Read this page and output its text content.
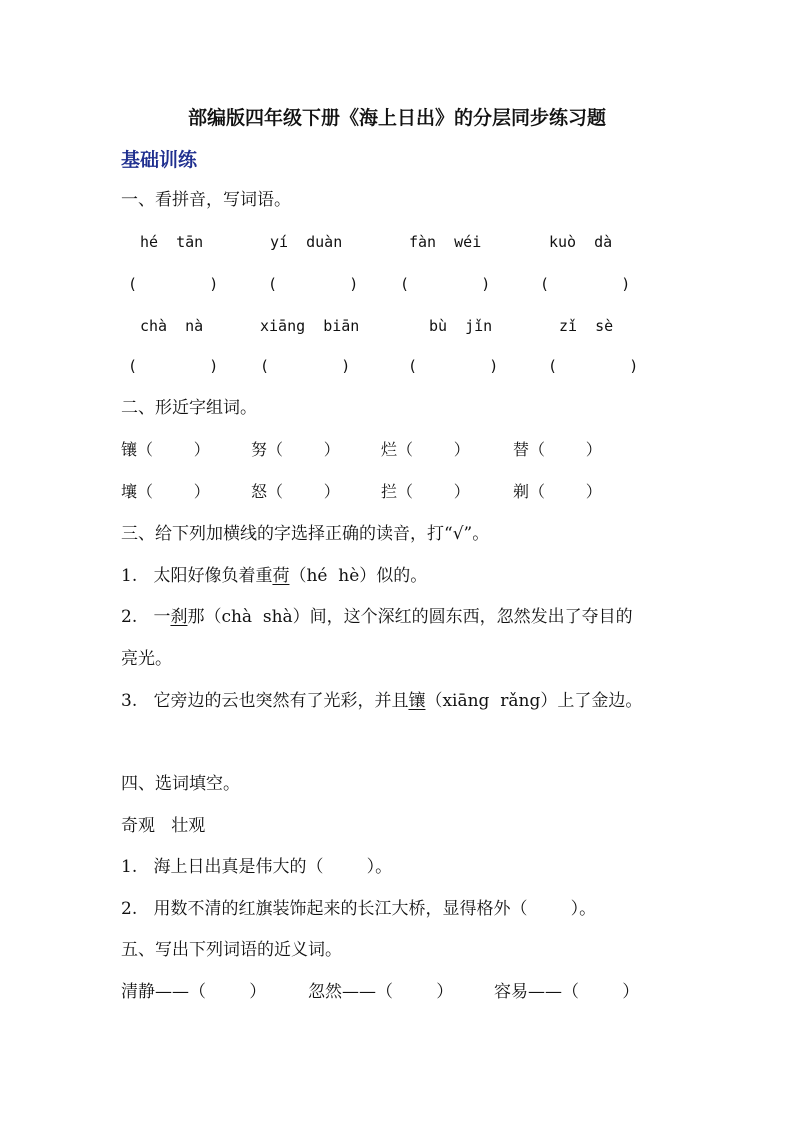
部编版四年级下册《海上日出》的分层同步练习题
基础训练
一、看拼音，写词语。
hé  tān	yí  duàn	fàn  wéi	kuò  dà
(        )	(        )	(        )	(        )
chà  nà	xiāng  biān	bù  jǐn	zǐ  sè
(        )	(        )	(        )	(        )
二、形近字组词。
镶（        ）	努（        ）	烂（        ）	替（        ）
壤（        ）	怒（        ）	拦（        ）	剃（        ）
三、给下列加横线的字选择正确的读音，打“√”。
1. 太阳好像负着重荷（hé  hè）似的。
2. 一刹那（chà  shà）间，这个深红的圆东西，忽然发出了夺目的
亮光。
3. 它旁边的云也突然有了光彩，并且镶（xiāng  rǎng）上了金边。
四、选词填空。
奇观   壮观
1. 海上日出真是伟大的（        ）。
2. 用数不清的红旗装饰起来的长江大桥，显得格外（        ）。
五、写出下列词语的近义词。
清静——（        ） 忽然——（        ） 容易——（        ）
